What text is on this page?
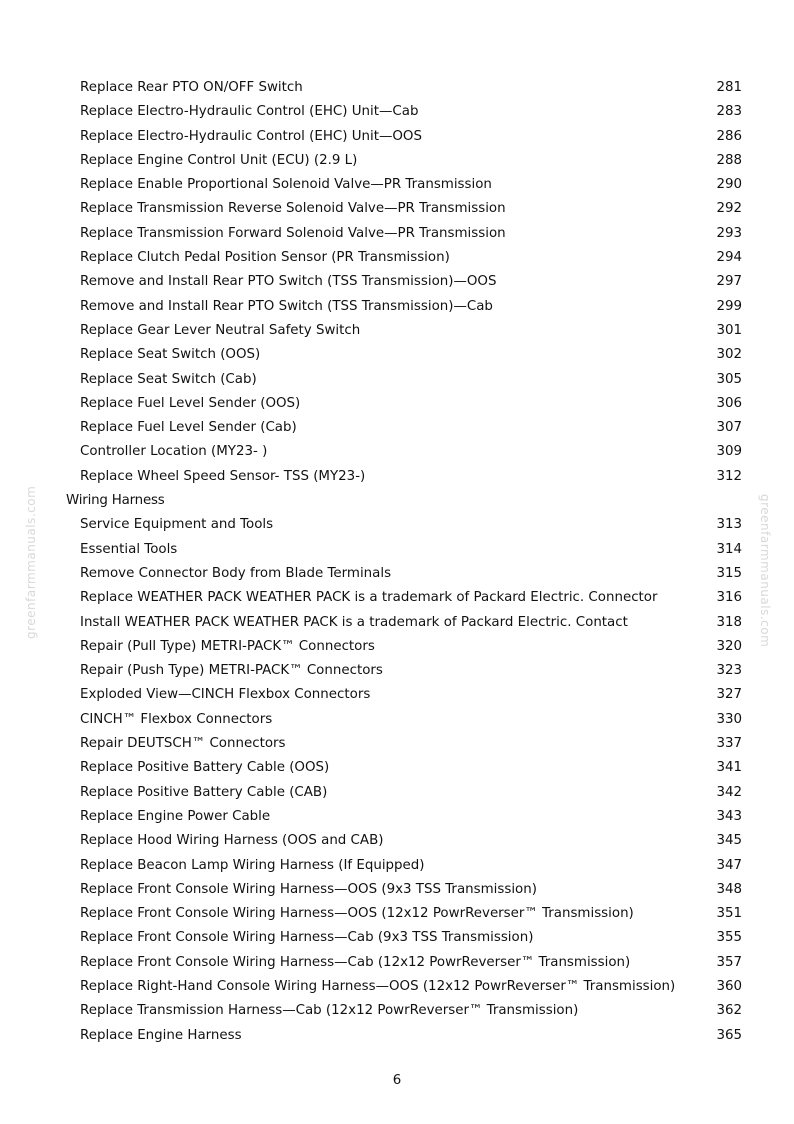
greenfarmmanuals.com	greenfarmmanuals.com
Replace Rear PTO ON/OFF Switch	281
Replace Electro-Hydraulic Control (EHC) Unit—Cab	283
Replace Electro-Hydraulic Control (EHC) Unit—OOS	286
Replace Engine Control Unit (ECU) (2.9 L)	288
Replace Enable Proportional Solenoid Valve—PR Transmission	290
Replace Transmission Reverse Solenoid Valve—PR Transmission	292
Replace Transmission Forward Solenoid Valve—PR Transmission	293
Replace Clutch Pedal Position Sensor (PR Transmission)	294
Remove and Install Rear PTO Switch (TSS Transmission)—OOS	297
Remove and Install Rear PTO Switch (TSS Transmission)—Cab	299
Replace Gear Lever Neutral Safety Switch	301
Replace Seat Switch (OOS)	302
Replace Seat Switch (Cab)	305
Replace Fuel Level Sender (OOS)	306
Replace Fuel Level Sender (Cab)	307
Controller Location (MY23- )	309
Replace Wheel Speed Sensor- TSS (MY23-)	312
Wiring Harness
Service Equipment and Tools	313
Essential Tools	314
Remove Connector Body from Blade Terminals	315
Replace WEATHER PACK WEATHER PACK is a trademark of Packard Electric. Connector	316
Install WEATHER PACK WEATHER PACK is a trademark of Packard Electric. Contact	318
Repair (Pull Type) METRI-PACK™ Connectors	320
Repair (Push Type) METRI-PACK™ Connectors	323
Exploded View—CINCH Flexbox Connectors	327
CINCH™ Flexbox Connectors	330
Repair DEUTSCH™ Connectors	337
Replace Positive Battery Cable (OOS)	341
Replace Positive Battery Cable (CAB)	342
Replace Engine Power Cable	343
Replace Hood Wiring Harness (OOS and CAB)	345
Replace Beacon Lamp Wiring Harness (If Equipped)	347
Replace Front Console Wiring Harness—OOS (9x3 TSS Transmission)	348
Replace Front Console Wiring Harness—OOS (12x12 PowrReverser™ Transmission)	351
Replace Front Console Wiring Harness—Cab (9x3 TSS Transmission)	355
Replace Front Console Wiring Harness—Cab (12x12 PowrReverser™ Transmission)	357
Replace Right-Hand Console Wiring Harness—OOS (12x12 PowrReverser™ Transmission)	360
Replace Transmission Harness—Cab (12x12 PowrReverser™ Transmission)	362
Replace Engine Harness	365
6
